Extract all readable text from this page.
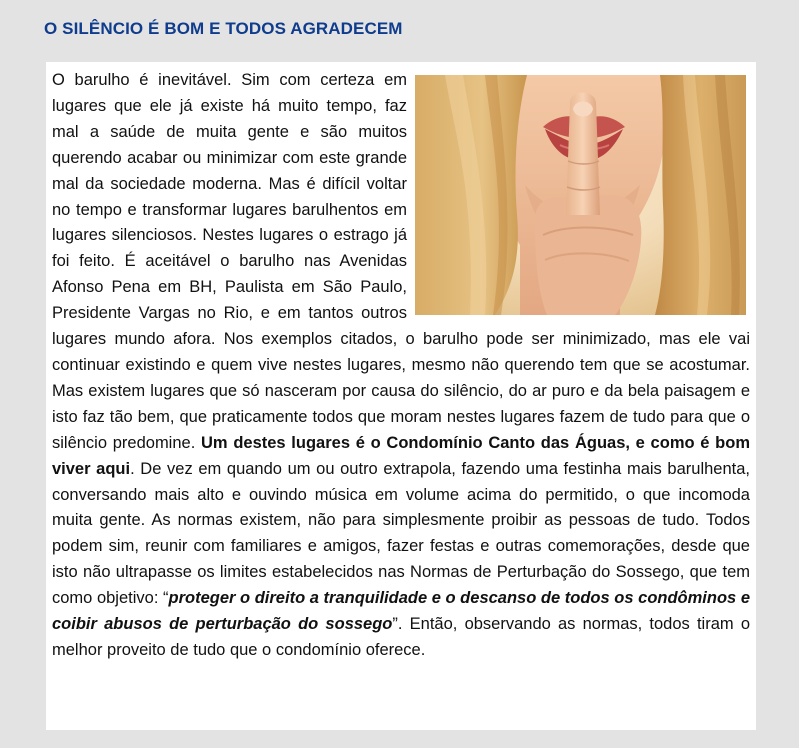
O SILÊNCIO É BOM E TODOS AGRADECEM

O barulho é inevitável. Sim com certeza em lugares que ele já existe há muito tempo, faz mal a saúde de muita gente e são muitos querendo acabar ou minimizar com este grande mal da sociedade moderna. Mas é difícil voltar no tempo e transformar lugares barulhentos em lugares silenciosos. Nestes lugares o estrago já foi feito. É aceitável o barulho nas Avenidas Afonso Pena em BH, Paulista em São Paulo, Presidente Vargas no Rio, e em tantos outros lugares mundo afora. Nos exemplos citados, o barulho pode ser minimizado, mas ele vai continuar existindo e quem vive nestes lugares, mesmo não querendo tem que se acostumar. Mas existem lugares que só nasceram por causa do silêncio, do ar puro e da bela paisagem e isto faz tão bem, que praticamente todos que moram nestes lugares fazem de tudo para que o silêncio predomine. Um destes lugares é o Condomínio Canto das Águas, e como é bom viver aqui. De vez em quando um ou outro extrapola, fazendo uma festinha mais barulhenta, conversando mais alto e ouvindo música em volume acima do permitido, o que incomoda muita gente. As normas existem, não para simplesmente proibir as pessoas de tudo. Todos podem sim, reunir com familiares e amigos, fazer festas e outras comemorações, desde que isto não ultrapasse os limites estabelecidos nas Normas de Perturbação do Sossego, que tem como objetivo: “proteger o direito a tranquilidade e o descanso de todos os condôminos e coibir abusos de perturbação do sossego”. Então, observando as normas, todos tiram o melhor proveito de tudo que o condomínio oferece.
